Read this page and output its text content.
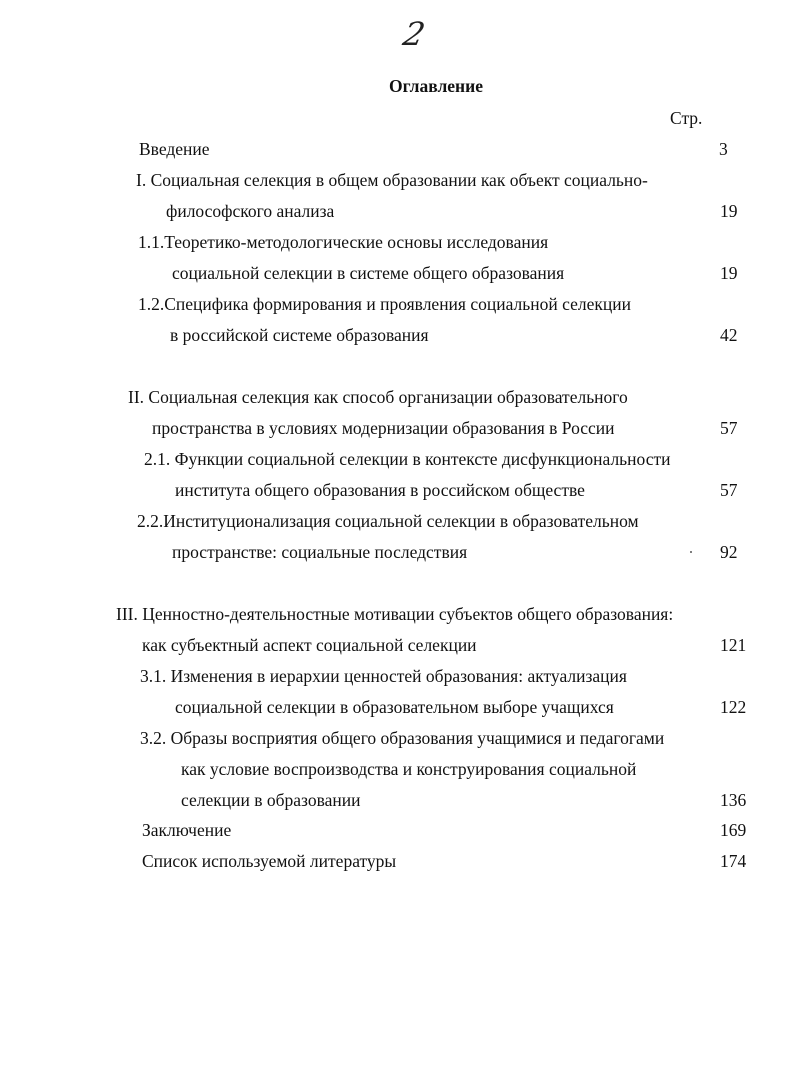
2
Оглавление
Стр.
Введение	3
I. Социальная селекция в общем образовании как объект социально-
философского анализа	19
1.1.Теоретико-методологические основы исследования
социальной селекции в системе общего образования	19
1.2.Специфика формирования и проявления социальной селекции
в российской системе образования	42
II. Социальная селекция как способ организации образовательного
пространства в условиях модернизации образования в России	57
2.1. Функции социальной селекции в контексте дисфункциональности
института общего образования в российском обществе	57
2.2.Институционализация социальной селекции в образовательном
пространстве: социальные последствия	92
III. Ценностно-деятельностные мотивации субъектов общего образования:
как субъектный аспект социальной селекции	121
3.1. Изменения в иерархии ценностей образования: актуализация
социальной селекции в образовательном выборе учащихся	122
3.2. Образы восприятия общего образования учащимися и педагогами
как условие воспроизводства и конструирования социальной
селекции в образовании	136
Заключение	169
Список используемой литературы	174
